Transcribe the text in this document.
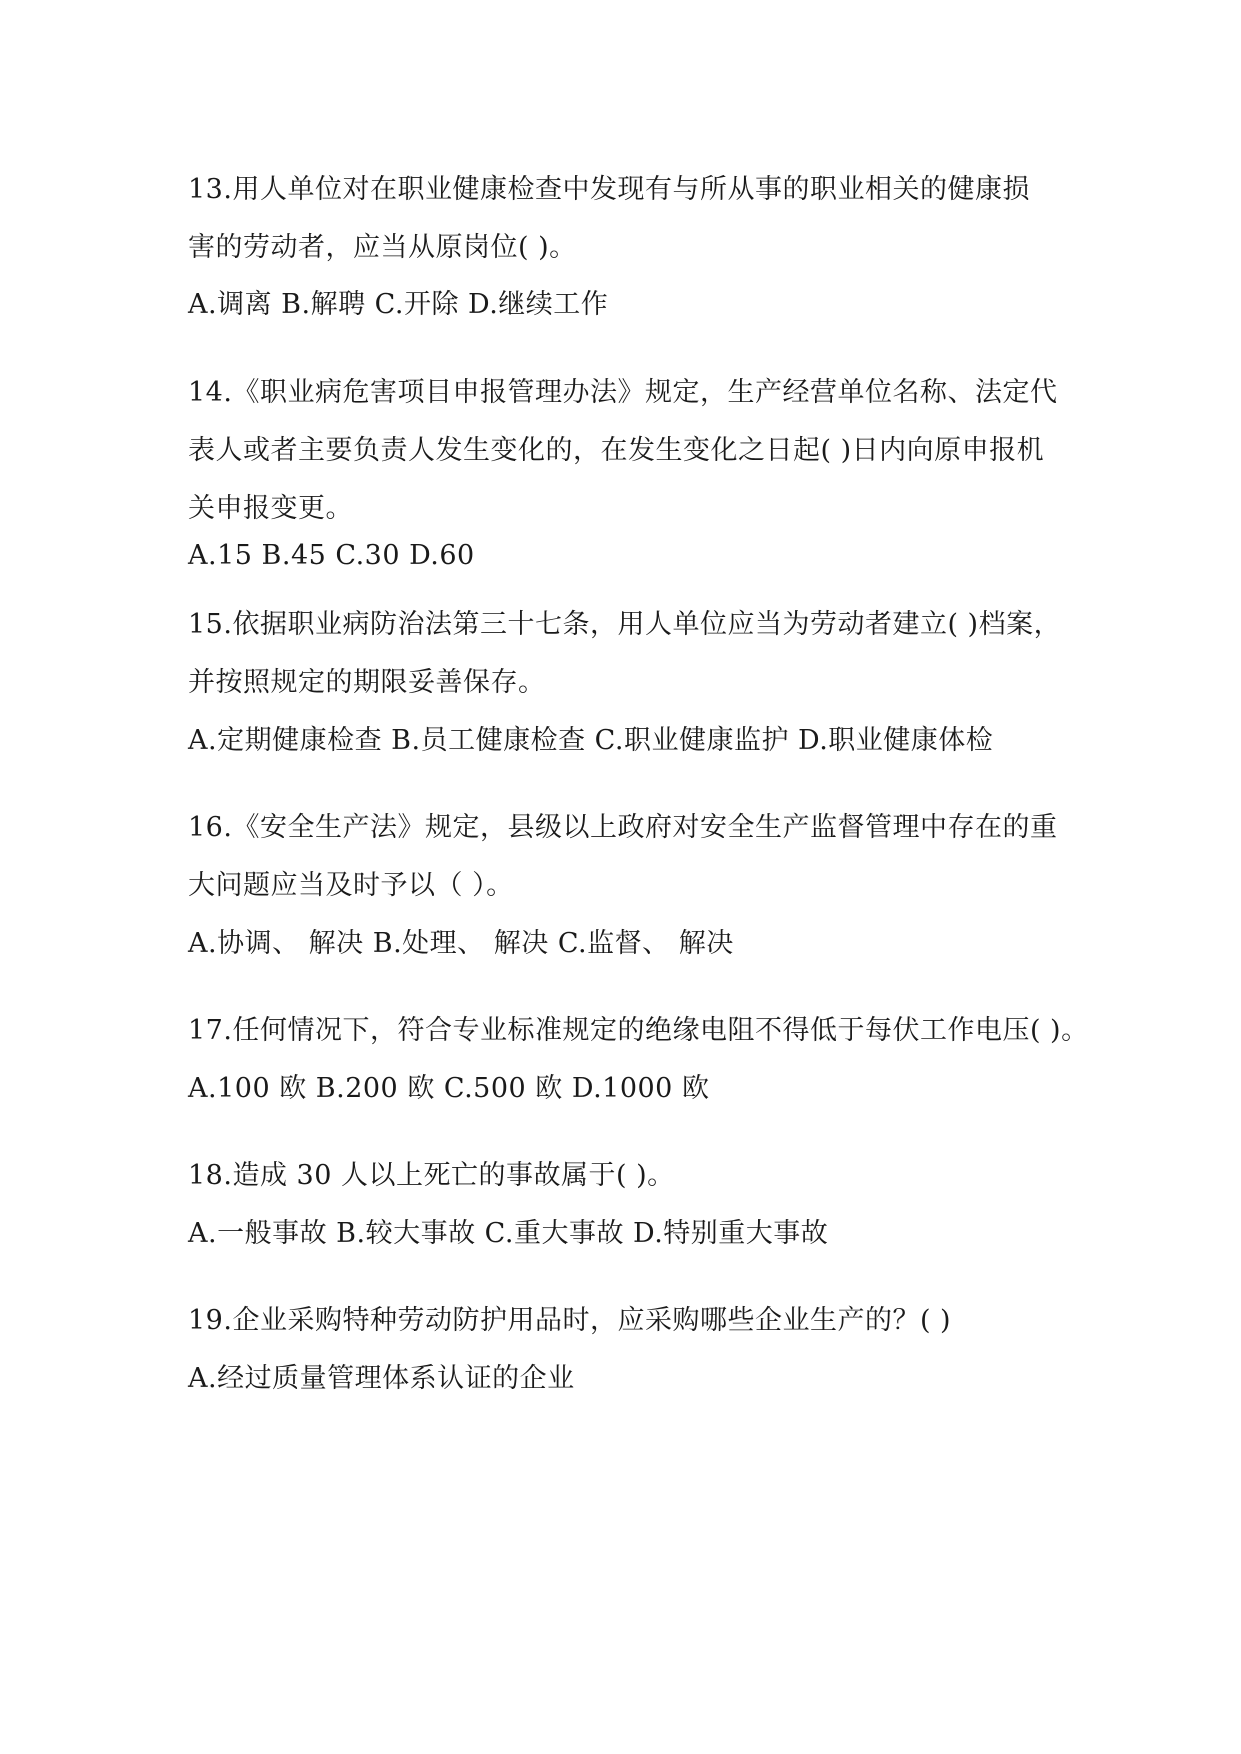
13.用人单位对在职业健康检查中发现有与所从事的职业相关的健康损
害的劳动者，应当从原岗位( )。
A.调离 B.解聘 C.开除 D.继续工作
14.《职业病危害项目申报管理办法》规定，生产经营单位名称、法定代
表人或者主要负责人发生变化的，在发生变化之日起( )日内向原申报机
关申报变更。
A.15 B.45 C.30 D.60
15.依据职业病防治法第三十七条，用人单位应当为劳动者建立( )档案，
并按照规定的期限妥善保存。
A.定期健康检查 B.员工健康检查 C.职业健康监护 D.职业健康体检
16.《安全生产法》规定，县级以上政府对安全生产监督管理中存在的重
大问题应当及时予以（ ）。
A.协调、 解决 B.处理、 解决 C.监督、 解决
17.任何情况下，符合专业标准规定的绝缘电阻不得低于每伏工作电压( )。
A.100 欧 B.200 欧 C.500 欧 D.1000 欧
18.造成 30 人以上死亡的事故属于( )。
A.一般事故 B.较大事故 C.重大事故 D.特别重大事故
19.企业采购特种劳动防护用品时，应采购哪些企业生产的？( )
A.经过质量管理体系认证的企业
